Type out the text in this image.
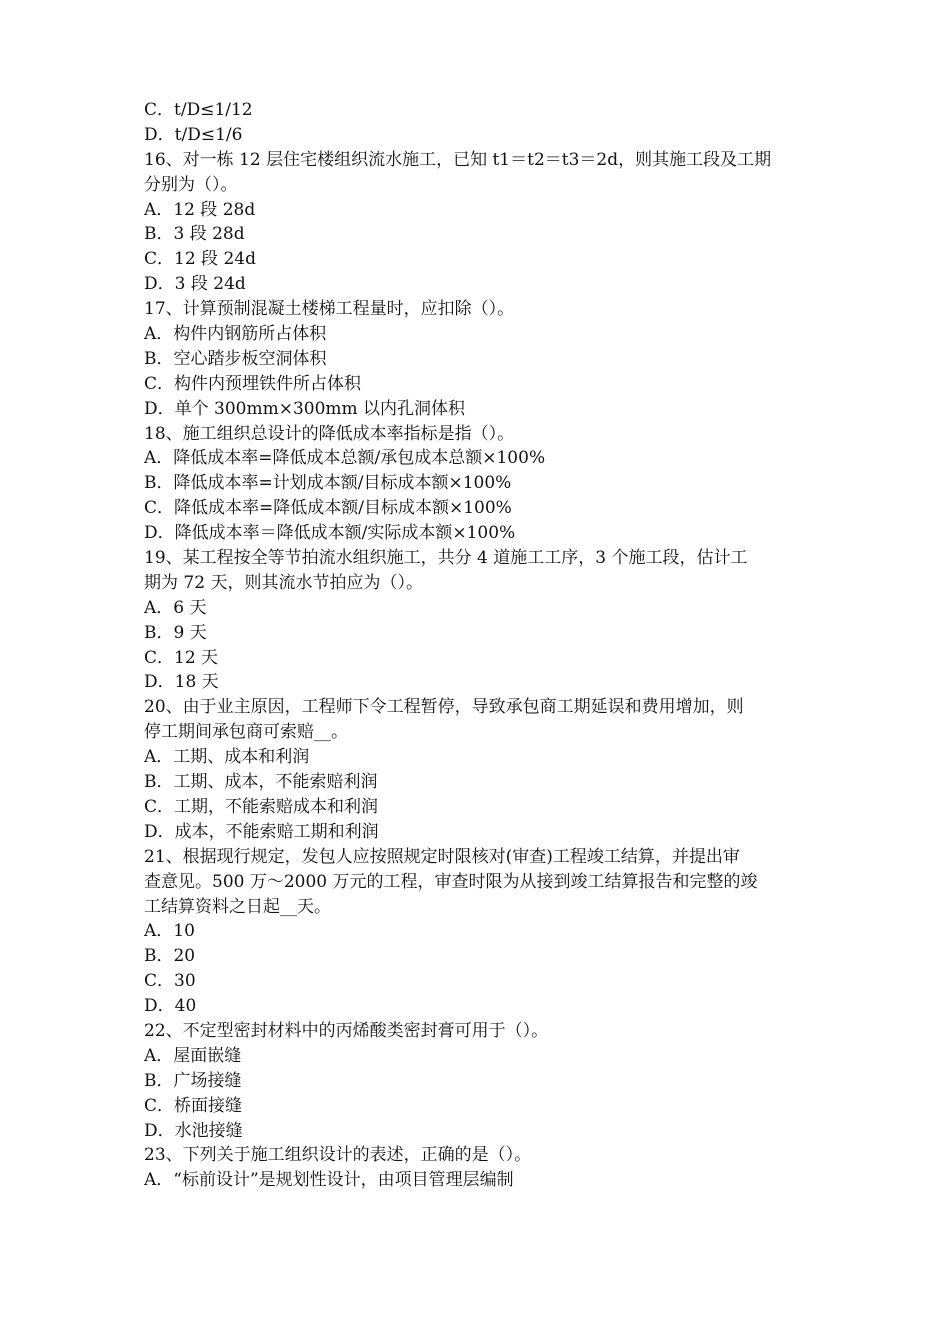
C．t/D≤1/12
D．t/D≤1/6
16、对一栋 12 层住宅楼组织流水施工，已知 t1＝t2＝t3＝2d，则其施工段及工期
分别为（）。
A．12 段 28d
B．3 段 28d
C．12 段 24d
D．3 段 24d
17、计算预制混凝土楼梯工程量时，应扣除（）。
A．构件内钢筋所占体积
B．空心踏步板空洞体积
C．构件内预埋铁件所占体积
D．单个 300mm×300mm 以内孔洞体积
18、施工组织总设计的降低成本率指标是指（）。
A．降低成本率=降低成本总额/承包成本总额×100%
B．降低成本率=计划成本额/目标成本额×100%
C．降低成本率=降低成本额/目标成本额×100%
D．降低成本率＝降低成本额/实际成本额×100%
19、某工程按全等节拍流水组织施工，共分 4 道施工工序，3 个施工段，估计工
期为 72 天，则其流水节拍应为（）。
A．6 天
B．9 天
C．12 天
D．18 天
20、由于业主原因，工程师下令工程暂停，导致承包商工期延误和费用增加，则
停工期间承包商可索赔__。
A．工期、成本和利润
B．工期、成本，不能索赔利润
C．工期，不能索赔成本和利润
D．成本，不能索赔工期和利润
21、根据现行规定，发包人应按照规定时限核对(审查)工程竣工结算，并提出审
查意见。500 万～2000 万元的工程，审查时限为从接到竣工结算报告和完整的竣
工结算资料之日起__天。
A．10
B．20
C．30
D．40
22、不定型密封材料中的丙烯酸类密封膏可用于（）。
A．屋面嵌缝
B．广场接缝
C．桥面接缝
D．水池接缝
23、下列关于施工组织设计的表述，正确的是（）。
A．“标前设计”是规划性设计，由项目管理层编制
